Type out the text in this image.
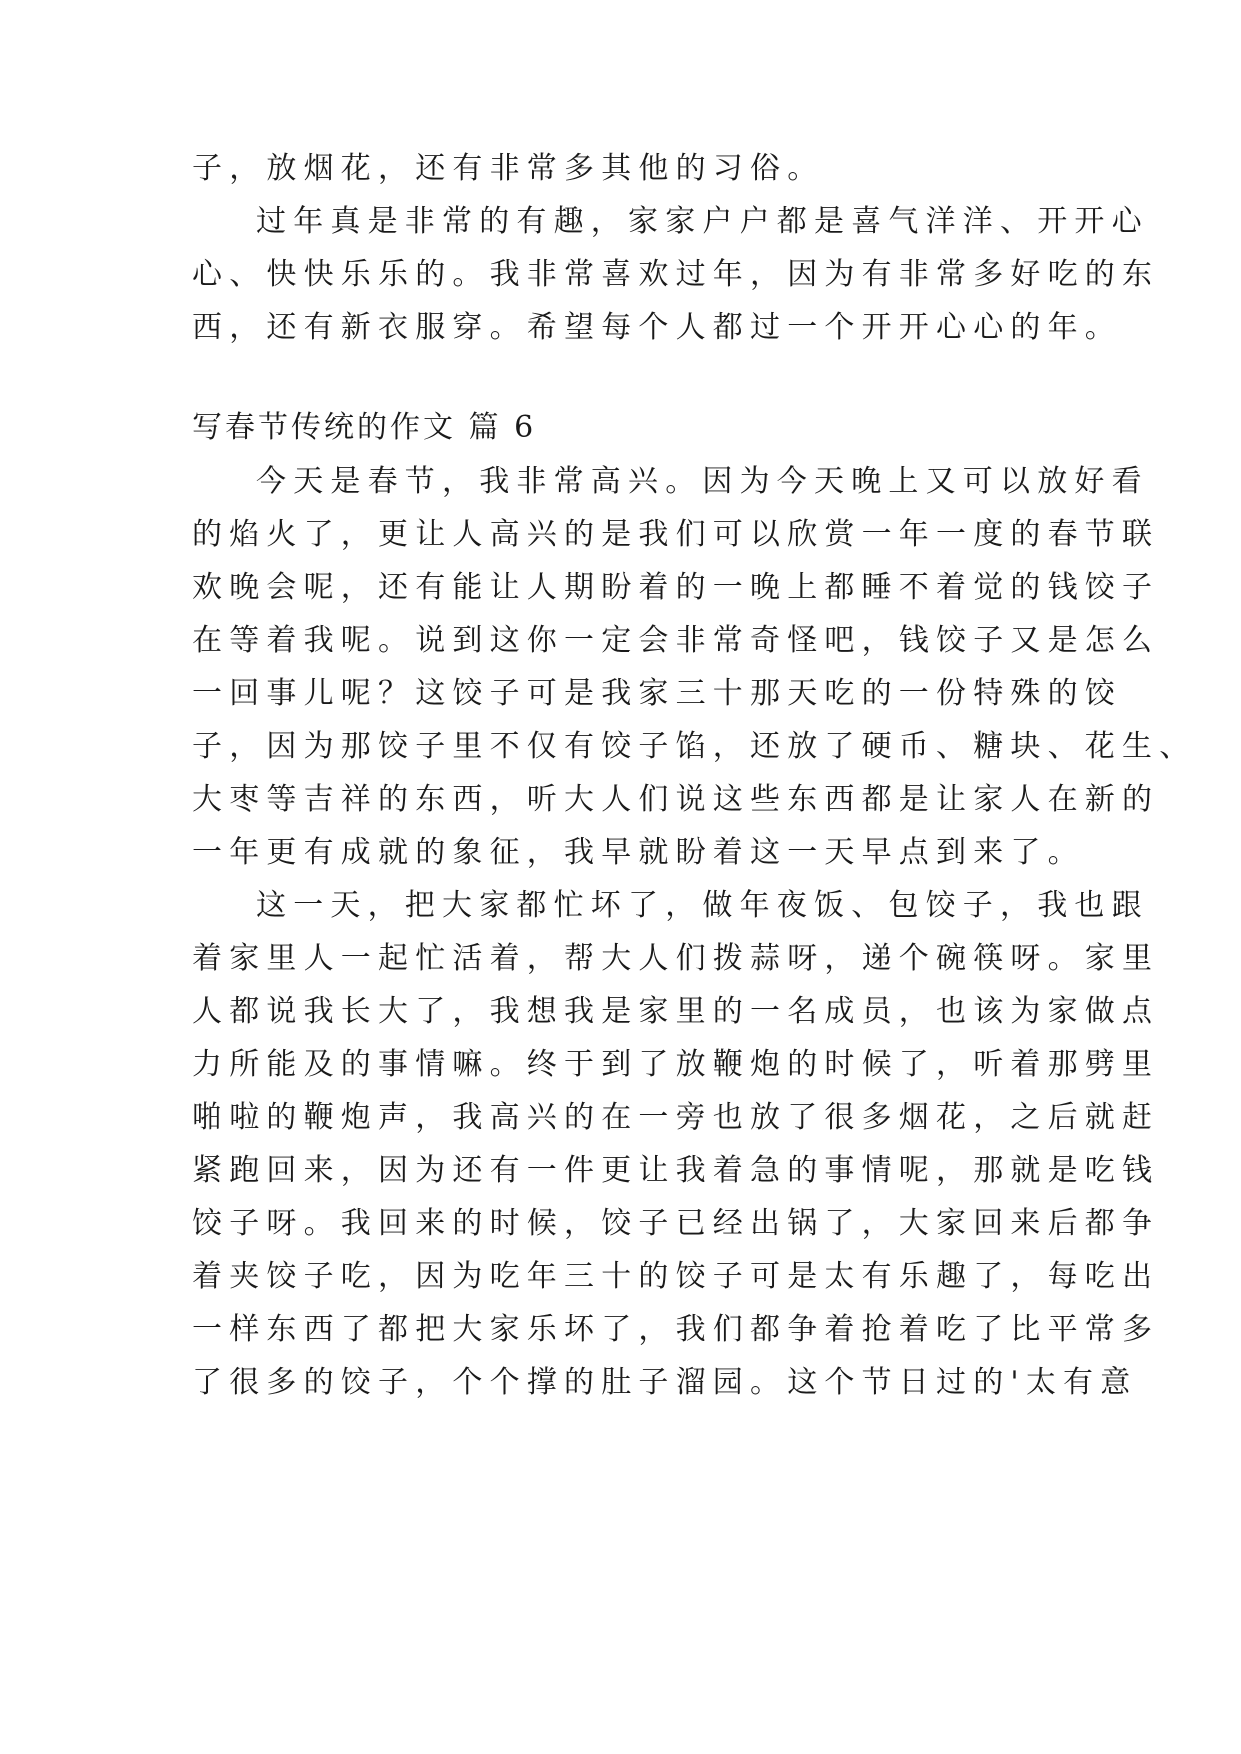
子，放烟花，还有非常多其他的习俗。
过年真是非常的有趣，家家户户都是喜气洋洋、开开心
心、快快乐乐的。我非常喜欢过年，因为有非常多好吃的东
西，还有新衣服穿。希望每个人都过一个开开心心的年。
写春节传统的作文 篇 6
今天是春节，我非常高兴。因为今天晚上又可以放好看
的焰火了，更让人高兴的是我们可以欣赏一年一度的春节联
欢晚会呢，还有能让人期盼着的一晚上都睡不着觉的钱饺子
在等着我呢。说到这你一定会非常奇怪吧，钱饺子又是怎么
一回事儿呢？这饺子可是我家三十那天吃的一份特殊的饺
子，因为那饺子里不仅有饺子馅，还放了硬币、糖块、花生、
大枣等吉祥的东西，听大人们说这些东西都是让家人在新的
一年更有成就的象征，我早就盼着这一天早点到来了。
这一天，把大家都忙坏了，做年夜饭、包饺子，我也跟
着家里人一起忙活着，帮大人们拨蒜呀，递个碗筷呀。家里
人都说我长大了，我想我是家里的一名成员，也该为家做点
力所能及的事情嘛。终于到了放鞭炮的时候了，听着那劈里
啪啦的鞭炮声，我高兴的在一旁也放了很多烟花，之后就赶
紧跑回来，因为还有一件更让我着急的事情呢，那就是吃钱
饺子呀。我回来的时候，饺子已经出锅了，大家回来后都争
着夹饺子吃，因为吃年三十的饺子可是太有乐趣了，每吃出
一样东西了都把大家乐坏了，我们都争着抢着吃了比平常多
了很多的饺子，个个撑的肚子溜园。这个节日过的'太有意
